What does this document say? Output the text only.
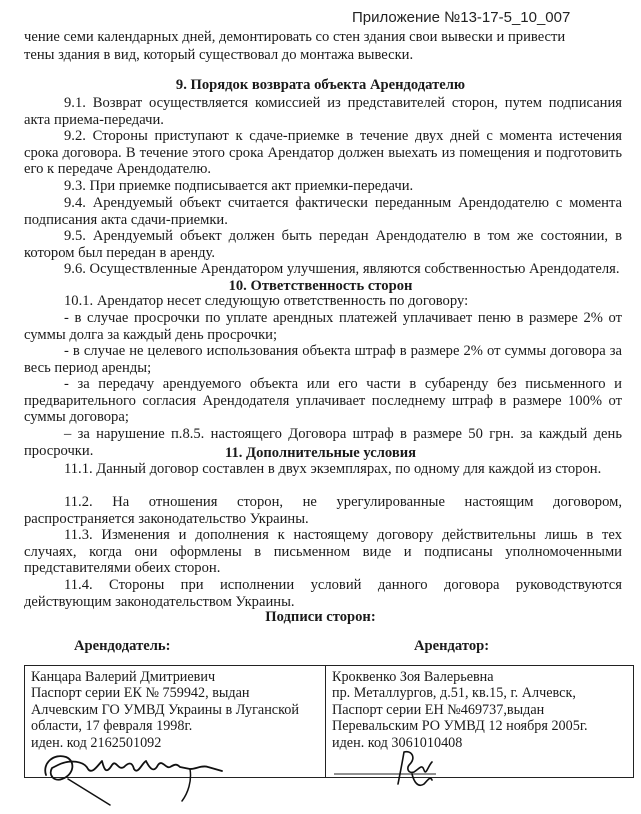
Приложение №13-17-5_10_007
чение семи календарных дней, демонтировать со стен здания свои вывески и привести
тены здания в вид, который существовал до монтажа вывески.
9. Порядок возврата объекта Арендодателю
9.1. Возврат осуществляется комиссией из представителей сторон, путем подписания акта приема-передачи.
9.2. Стороны приступают к сдаче-приемке в течение двух дней с момента истечения срока договора. В течение этого срока Арендатор должен выехать из помещения и подготовить его к передаче Арендодателю.
9.3. При приемке подписывается акт приемки-передачи.
9.4. Арендуемый объект считается фактически переданным Арендодателю с момента подписания акта сдачи-приемки.
9.5. Арендуемый объект должен быть передан Арендодателю в том же состоянии, в котором был передан в аренду.
9.6. Осуществленные Арендатором улучшения, являются собственностью Арендодателя.
10. Ответственность сторон
10.1. Арендатор несет следующую ответственность по договору:
- в случае просрочки по уплате арендных платежей уплачивает пеню в размере 2% от суммы долга за каждый день просрочки;
- в случае не целевого использования объекта штраф в размере 2% от суммы договора за весь период аренды;
- за передачу арендуемого объекта или его части в субаренду без письменного и предварительного согласия Арендодателя уплачивает последнему штраф в размере 100% от суммы договора;
– за нарушение п.8.5. настоящего Договора штраф в размере 50 грн. за каждый день просрочки.	11. Дополнительные условия
11.1. Данный договор составлен в двух экземплярах, по одному для каждой из сторон.
11.2. На отношения сторон, не урегулированные настоящим договором, распространяется законодательство Украины.
11.3. Изменения и дополнения к настоящему договору действительны лишь в тех случаях, когда они оформлены в письменном виде и подписаны уполномоченными представителями обеих сторон.
11.4. Стороны при исполнении условий данного договора руководствуются действующим законодательством Украины.
Подписи сторон:
Арендодатель:	Арендатор:
Канцара Валерий Дмитриевич
Паспорт серии ЕК № 759942, выдан
Алчевским ГО УМВД Украины в Луганской
области, 17 февраля 1998г.
иден. код 2162501092
Кроквенко Зоя Валерьевна
пр. Металлургов, д.51, кв.15, г. Алчевск,
Паспорт серии ЕН №469737,выдан
Перевальским РО УМВД 12 ноября 2005г.
иден. код 3061010408
